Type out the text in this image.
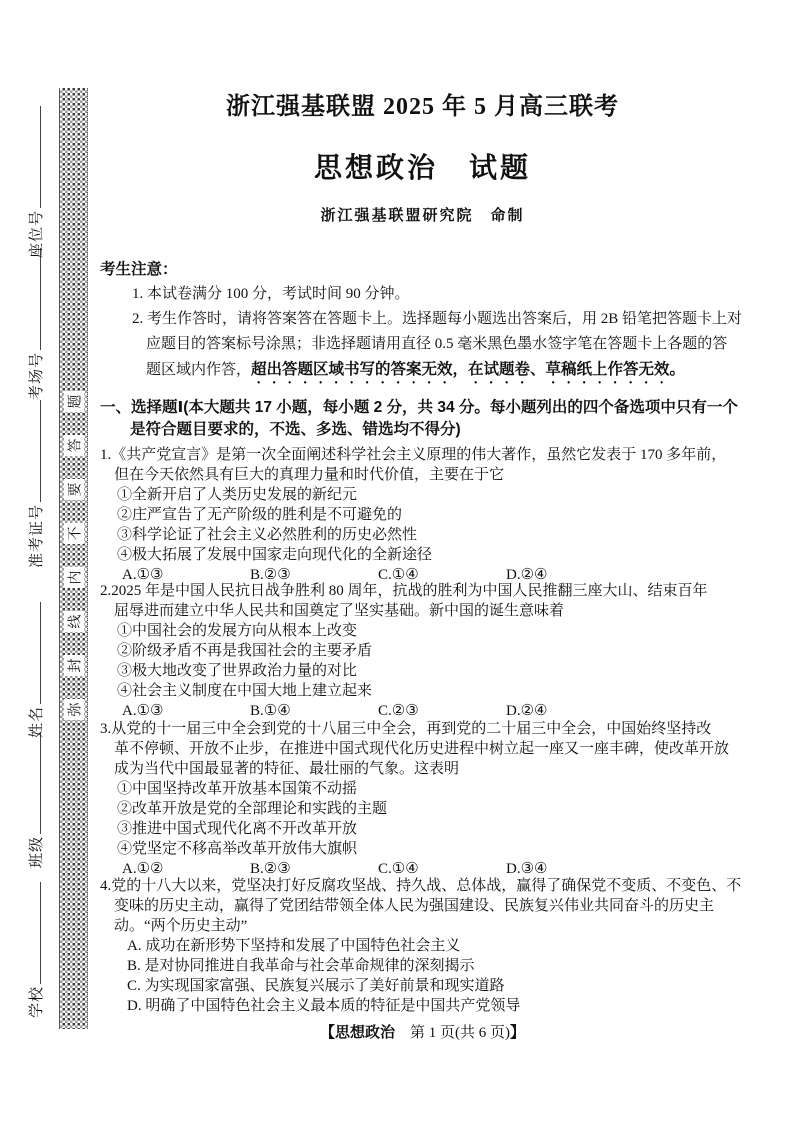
学校
班级
姓名
准考证号
考场号
座位号
弥
封
线
内
不
要
答
题
浙江强基联盟 2025 年 5 月高三联考
思想政治　试题
浙江强基联盟研究院　命制
考生注意：
1. 本试卷满分 100 分，考试时间 90 分钟。
2. 考生作答时，请将答案答在答题卡上。选择题每小题选出答案后，用 2B 铅笔把答题卡上对
应题目的答案标号涂黑；非选择题请用直径 0.5 毫米黑色墨水签字笔在答题卡上各题的答
题区域内作答，超出答题区域书写的答案无效，在试题卷、草稿纸上作答无效。
一、选择题Ⅰ(本大题共 17 小题，每小题 2 分，共 34 分。每小题列出的四个备选项中只有一个
是符合题目要求的，不选、多选、错选均不得分)
1.《共产党宣言》是第一次全面阐述科学社会主义原理的伟大著作，虽然它发表于 170 多年前，
但在今天依然具有巨大的真理力量和时代价值，主要在于它
①全新开启了人类历史发展的新纪元
②庄严宣告了无产阶级的胜利是不可避免的
③科学论证了社会主义必然胜利的历史必然性
④极大拓展了发展中国家走向现代化的全新途径
A.①③	B.②③	C.①④	D.②④
2.2025 年是中国人民抗日战争胜利 80 周年，抗战的胜利为中国人民推翻三座大山、结束百年
屈辱进而建立中华人民共和国奠定了坚实基础。新中国的诞生意味着
①中国社会的发展方向从根本上改变
②阶级矛盾不再是我国社会的主要矛盾
③极大地改变了世界政治力量的对比
④社会主义制度在中国大地上建立起来
A.①③	B.①④	C.②③	D.②④
3.从党的十一届三中全会到党的十八届三中全会，再到党的二十届三中全会，中国始终坚持改
革不停顿、开放不止步，在推进中国式现代化历史进程中树立起一座又一座丰碑，使改革开放
成为当代中国最显著的特征、最壮丽的气象。这表明
①中国坚持改革开放基本国策不动摇
②改革开放是党的全部理论和实践的主题
③推进中国式现代化离不开改革开放
④党坚定不移高举改革开放伟大旗帜
A.①②	B.②③	C.①④	D.③④
4.党的十八大以来，党坚决打好反腐攻坚战、持久战、总体战，赢得了确保党不变质、不变色、不
变味的历史主动，赢得了党团结带领全体人民为强国建设、民族复兴伟业共同奋斗的历史主
动。“两个历史主动”
A. 成功在新形势下坚持和发展了中国特色社会主义
B. 是对协同推进自我革命与社会革命规律的深刻揭示
C. 为实现国家富强、民族复兴展示了美好前景和现实道路
D. 明确了中国特色社会主义最本质的特征是中国共产党领导
【思想政治　第 1 页(共 6 页)】
